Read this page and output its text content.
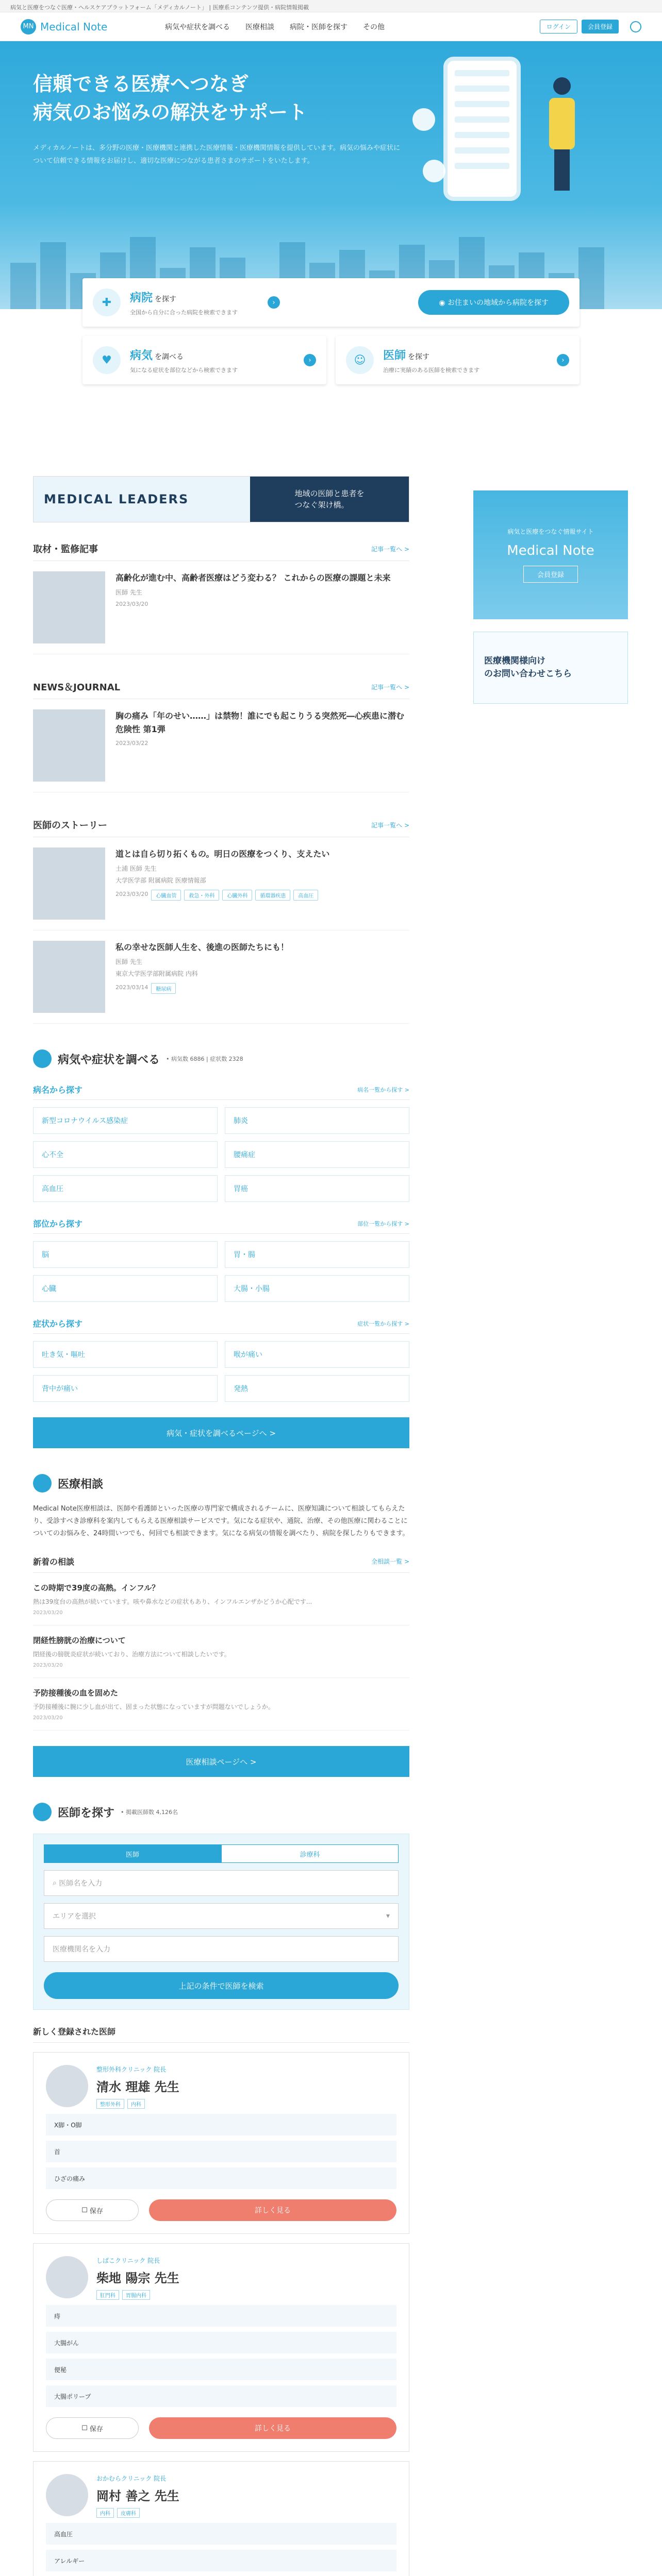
病気と医療をつなぐ医療・ヘルスケアプラットフォーム「メディカルノート」 | 医療系コンテンツ提供・病院情報掲載
MN Medical Note	病気や症状を調べる 医療相談 病院・医師を探す その他	ログイン	会員登録
信頼できる医療へつなぎ
病気のお悩みの解決をサポート

メディカルノートは、多分野の医療・医療機関と連携した医療情報・医療機関情報を提供しています。病気の悩みや症状について信頼できる情報をお届けし、適切な医療につながる患者さまのサポートをいたします。

✚	病院 を探す
全国から自分に合った病院を検索できます
›	◉ お住まいの地域から病院を探す
♥	病気 を調べる
気になる症状を部位などから検索できます
›	☺	医師 を探す
治療に実績のある医師を検索できます
›
MEDICAL LEADERS	地域の医師と患者を
つなぐ架け橋。
取材・監修記事	記事一覧へ >
高齢化が進む中、高齢者医療はどう変わる？ これからの医療の課題と未来
医師 先生
2023/03/20
NEWS＆JOURNAL	記事一覧へ >
胸の痛み「年のせい……」は禁物！誰にでも起こりうる突然死―心疾患に潜む危険性 第1弾
2023/03/22
医師のストーリー	記事一覧へ >
道とは自ら切り拓くもの。明日の医療をつくり、支えたい
土浦 医師 先生
大学医学部 附属病院 医療情報部
2023/03/20	心臓血管	救急・外科	心臓外科	循環器疾患	高血圧
私の幸せな医師人生を、後進の医師たちにも！
医師 先生
東京大学医学部附属病院 内科
2023/03/14	糖尿病
病気や症状を調べる • 病気数 6886 | 症状数 2328
病名から探す	病名一覧から探す >
新型コロナウイルス感染症	肺炎
心不全	腰痛症
高血圧	胃癌
部位から探す	部位一覧から探す >
脳	胃・腸
心臓	大腸・小腸
症状から探す	症状一覧から探す >
吐き気・嘔吐	喉が痛い
背中が痛い	発熱
病気・症状を調べるページへ >
医療相談
Medical Note医療相談は、医師や看護師といった医療の専門家で構成されるチームに、医療知識について相談してもらえたり、受診すべき診療科を案内してもらえる医療相談サービスです。気になる症状や、通院、治療、その他医療に関わることについてのお悩みを、24時間いつでも、何回でも相談できます。気になる病気の情報を調べたり、病院を探したりもできます。
新着の相談	全相談一覧 >
この時期で39度の高熱。インフル？
熱は39度台の高熱が続いています。咳や鼻水などの症状もあり、インフルエンザかどうか心配です...
2023/03/20
閉経性膀胱の治療について
閉経後の膀胱炎症状が続いており、治療方法について相談したいです。
2023/03/20
予防接種後の血を固めた
予防接種後に腕に少し血が出て、固まった状態になっていますが問題ないでしょうか。
2023/03/20
医療相談ページへ >
医師を探す • 掲載医師数 4,126名
医師	診療科
⌕ 医師名を入力
エリアを選択	▾
医療機関名を入力
上記の条件で医師を検索
新しく登録された医師
整形外科クリニック 院長
清水 理雄 先生
整形外科	内科
X脚・O脚
首
ひざの痛み
☐ 保存	詳しく見る
しばこクリニック 院長
柴地 陽宗 先生
肛門科	胃腸内科
痔
大腸がん
便秘
大腸ポリープ
☐ 保存	詳しく見る
おかむらクリニック 院長
岡村 善之 先生
内科	皮膚科
高血圧
アレルギー
病気と医療をつなぐ情報サイト
Medical Note
会員登録
医療機関様向け
のお問い合わせこちら
